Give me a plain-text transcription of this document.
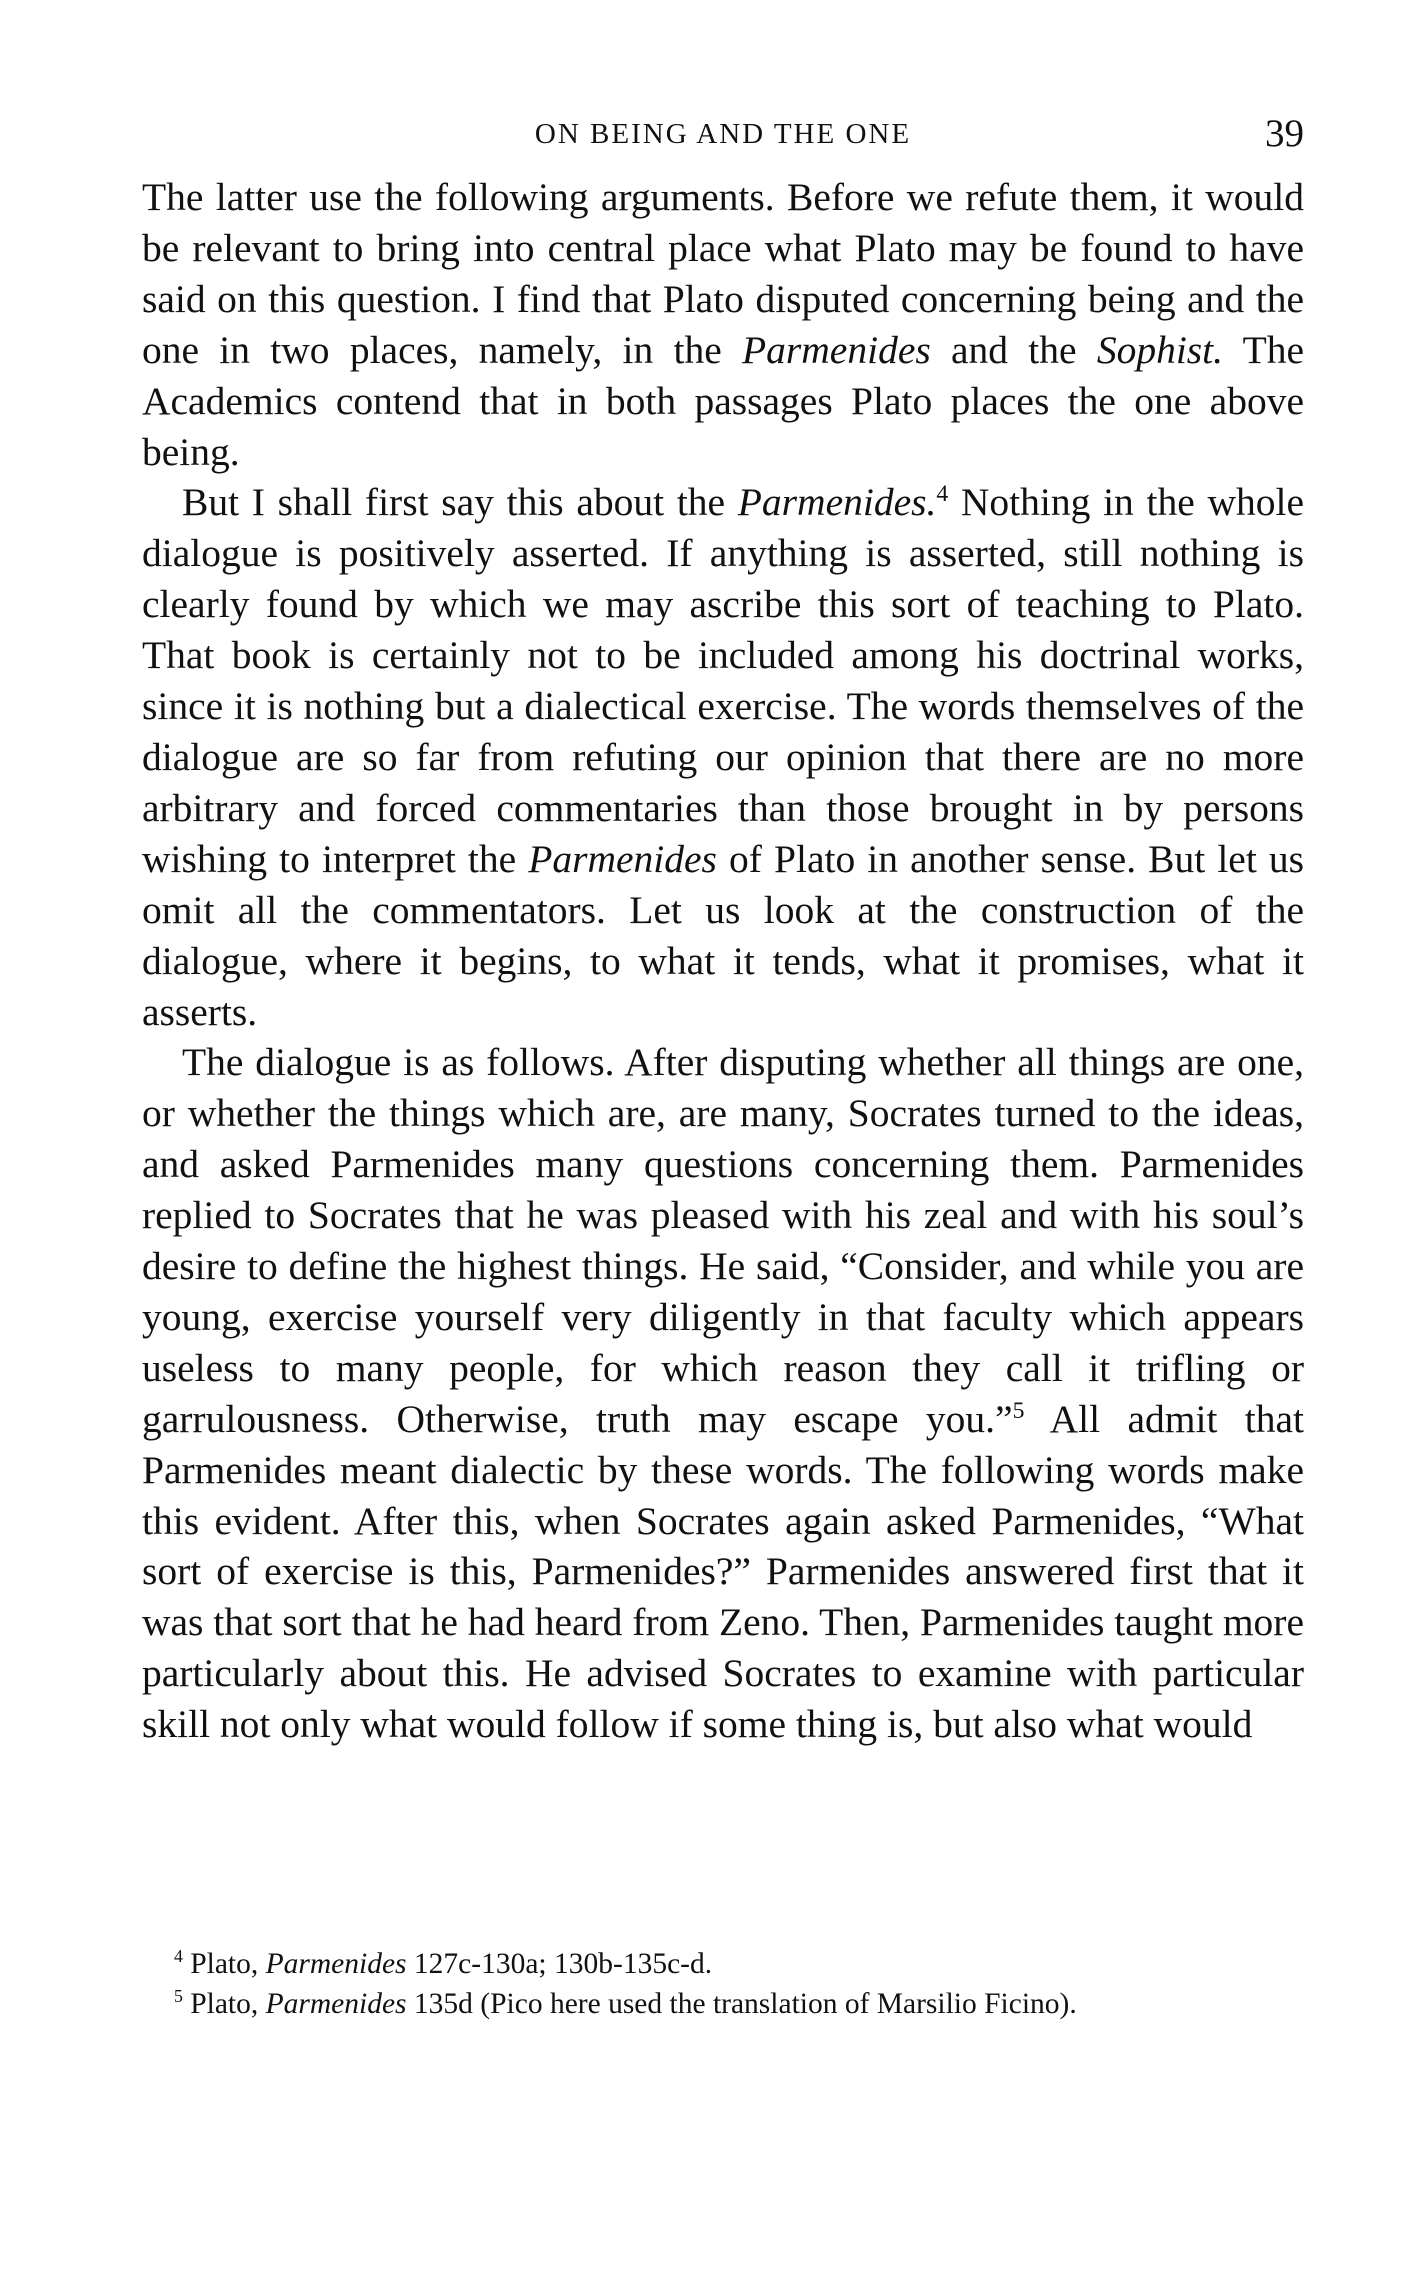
ON BEING AND THE ONE	39

The latter use the following arguments. Before we refute them, it would be relevant to bring into central place what Plato may be found to have said on this question. I find that Plato disputed concerning being and the one in two places, namely, in the Parmenides and the Sophist. The Academics contend that in both passages Plato places the one above being.

But I shall first say this about the Parmenides.$^4$ Nothing in the whole dialogue is positively asserted. If anything is asserted, still nothing is clearly found by which we may ascribe this sort of teaching to Plato. That book is certainly not to be included among his doctrinal works, since it is nothing but a dialectical exercise. The words themselves of the dialogue are so far from refuting our opinion that there are no more arbitrary and forced commentaries than those brought in by persons wishing to interpret the Parmenides of Plato in another sense. But let us omit all the commentators. Let us look at the construction of the dialogue, where it begins, to what it tends, what it promises, what it asserts.

The dialogue is as follows. After disputing whether all things are one, or whether the things which are, are many, Socrates turned to the ideas, and asked Parmenides many questions concerning them. Parmenides replied to Socrates that he was pleased with his zeal and with his soul’s desire to define the highest things. He said, “Consider, and while you are young, exercise yourself very diligently in that faculty which appears useless to many people, for which reason they call it trifling or garrulousness. Otherwise, truth may escape you.”$^5$ All admit that Parmenides meant dialectic by these words. The following words make this evident. After this, when Socrates again asked Parmenides, “What sort of exercise is this, Parmenides?” Parmenides answered first that it was that sort that he had heard from Zeno. Then, Parmenides taught more particularly about this. He advised Socrates to examine with particular skill not only what would follow if some thing is, but also what would

$^4$ Plato, Parmenides 127c-130a; 130b-135c-d.

$^5$ Plato, Parmenides 135d (Pico here used the translation of Marsilio Ficino).
